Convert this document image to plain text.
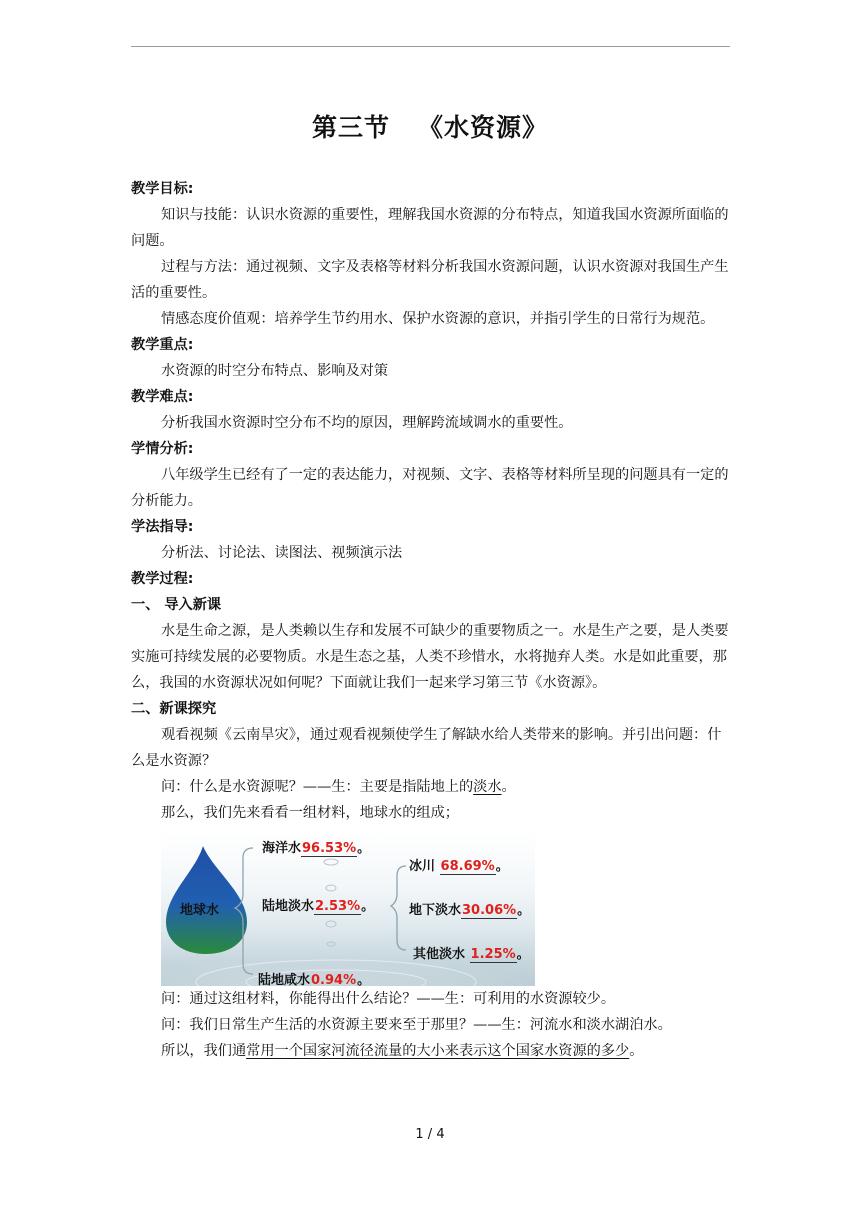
第三节 《水资源》

教学目标:

知识与技能：认识水资源的重要性，理解我国水资源的分布特点，知道我国水资源所面临的问题。

过程与方法：通过视频、文字及表格等材料分析我国水资源问题，认识水资源对我国生产生活的重要性。

情感态度价值观：培养学生节约用水、保护水资源的意识，并指引学生的日常行为规范。

教学重点:

水资源的时空分布特点、影响及对策

教学难点:

分析我国水资源时空分布不均的原因，理解跨流域调水的重要性。

学情分析:

八年级学生已经有了一定的表达能力，对视频、文字、表格等材料所呈现的问题具有一定的分析能力。

学法指导:

分析法、讨论法、读图法、视频演示法

教学过程:

一、 导入新课

水是生命之源，是人类赖以生存和发展不可缺少的重要物质之一。水是生产之要，是人类要实施可持续发展的必要物质。水是生态之基，人类不珍惜水，水将抛弃人类。水是如此重要，那么，我国的水资源状况如何呢？下面就让我们一起来学习第三节《水资源》。

二、新课探究

观看视频《云南旱灾》，通过观看视频使学生了解缺水给人类带来的影响。并引出问题：什么是水资源？

问：什么是水资源呢？——生：主要是指陆地上的淡水。

那么，我们先来看看一组材料，地球水的组成；

地球水
海洋水96.53%。
陆地淡水2.53%。
陆地咸水0.94%。
冰川 68.69%。
地下淡水30.06%。
其他淡水 1.25%。

问：通过这组材料，你能得出什么结论？——生：可利用的水资源较少。

问：我们日常生产生活的水资源主要来至于那里？——生：河流水和淡水湖泊水。

所以，我们通常用一个国家河流径流量的大小来表示这个国家水资源的多少。

1 / 4
